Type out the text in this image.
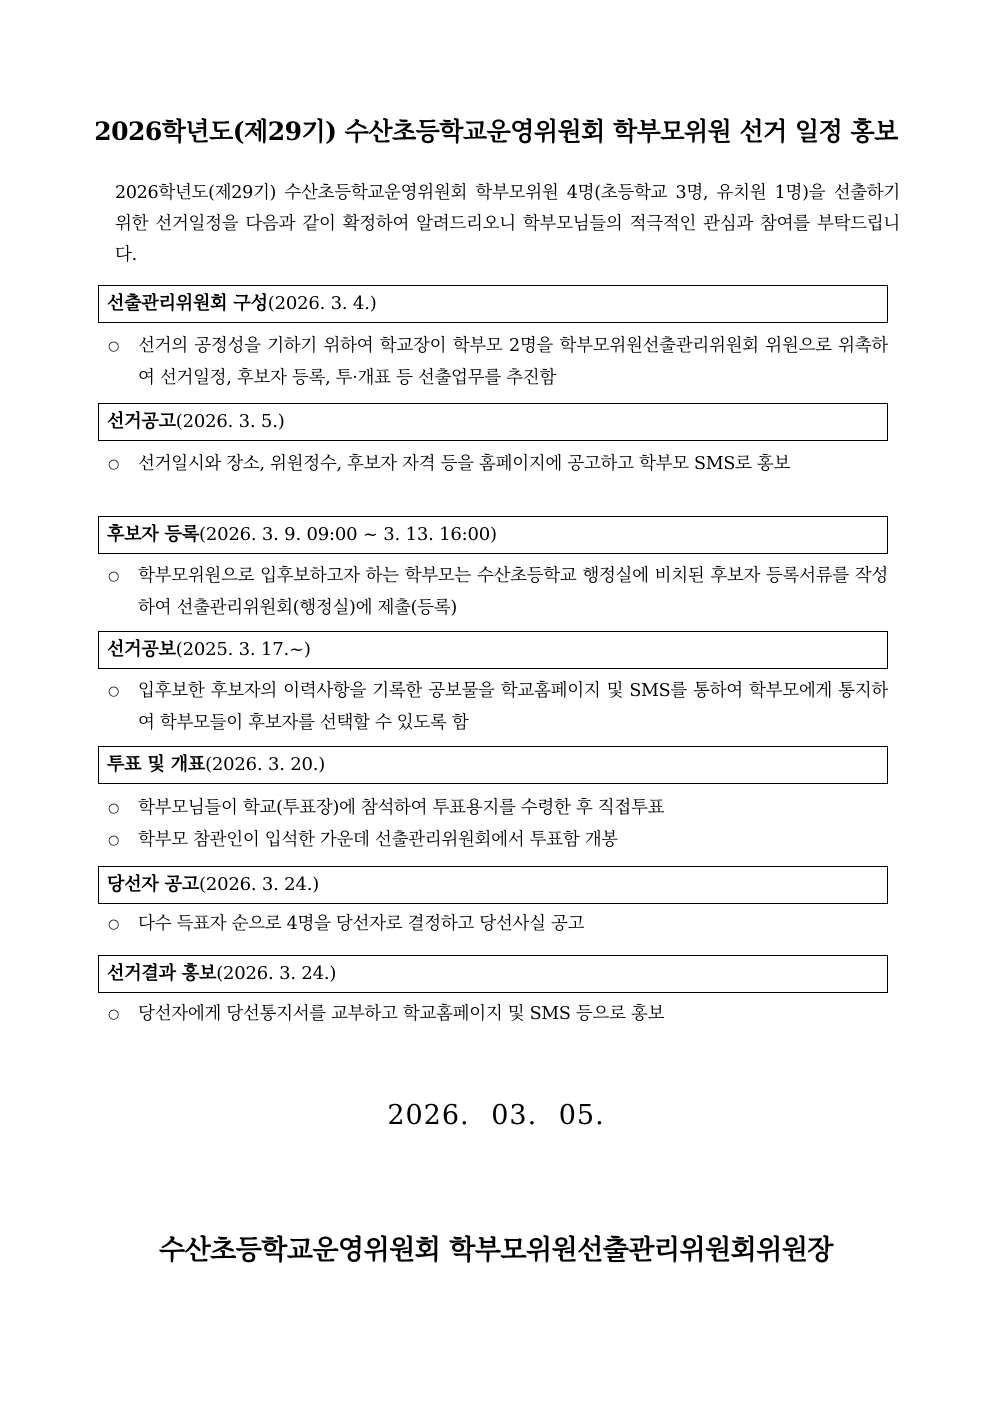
2026학년도(제29기) 수산초등학교운영위원회 학부모위원 선거 일정 홍보
2026학년도(제29기) 수산초등학교운영위원회 학부모위원 4명(초등학교 3명, 유치원 1명)을 선출하기 위한 선거일정을 다음과 같이 확정하여 알려드리오니 학부모님들의 적극적인 관심과 참여를 부탁드립니다.
선출관리위원회 구성(2026. 3. 4.)
○ 선거의 공정성을 기하기 위하여 학교장이 학부모 2명을 학부모위원선출관리위원회 위원으로 위촉하여 선거일정, 후보자 등록, 투·개표 등 선출업무를 추진함
선거공고(2026. 3. 5.)
○ 선거일시와 장소, 위원정수, 후보자 자격 등을 홈페이지에 공고하고 학부모 SMS로 홍보
후보자 등록(2026. 3. 9. 09:00 ~ 3. 13. 16:00)
○ 학부모위원으로 입후보하고자 하는 학부모는 수산초등학교 행정실에 비치된 후보자 등록서류를 작성하여 선출관리위원회(행정실)에 제출(등록)
선거공보(2025. 3. 17.~)
○ 입후보한 후보자의 이력사항을 기록한 공보물을 학교홈페이지 및 SMS를 통하여 학부모에게 통지하여 학부모들이 후보자를 선택할 수 있도록 함
투표 및 개표(2026. 3. 20.)
○ 학부모님들이 학교(투표장)에 참석하여 투표용지를 수령한 후 직접투표
○ 학부모 참관인이 입석한 가운데 선출관리위원회에서 투표함 개봉
당선자 공고(2026. 3. 24.)
○ 다수 득표자 순으로 4명을 당선자로 결정하고 당선사실 공고
선거결과 홍보(2026. 3. 24.)
○ 당선자에게 당선통지서를 교부하고 학교홈페이지 및 SMS 등으로 홍보
2026. 03. 05.
수산초등학교운영위원회 학부모위원선출관리위원회위원장
